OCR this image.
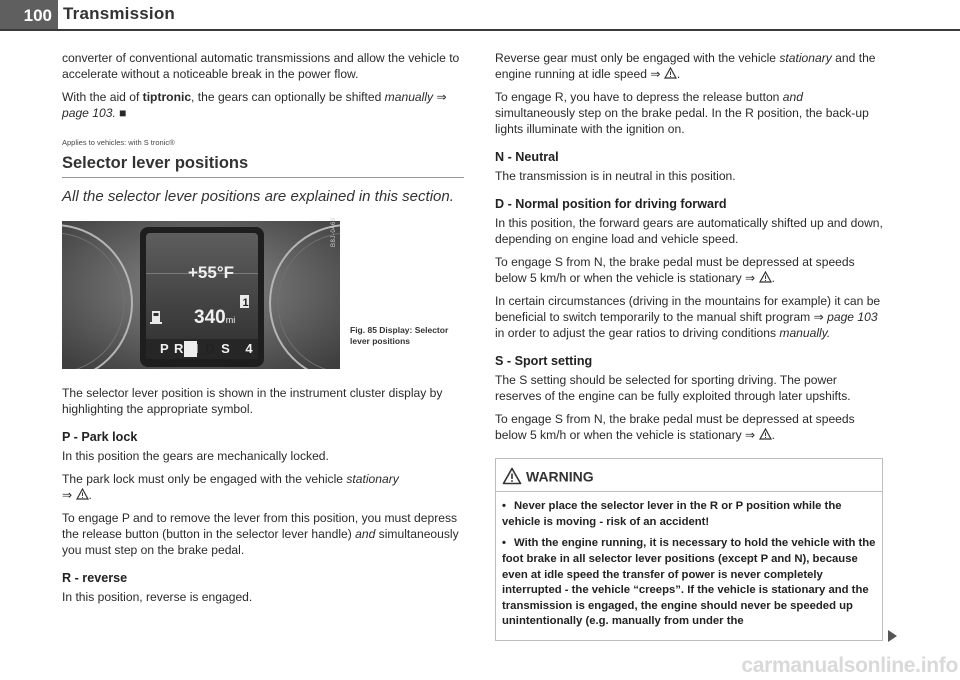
100 Transmission

converter of conventional automatic transmissions and allow the vehicle to accelerate without a noticeable break in the power flow.

With the aid of tiptronic, the gears can optionally be shifted manually ⇒ page 103. ■

Applies to vehicles: with S tronic®
Selector lever positions
All the selector lever positions are explained in this section.
+55°F
340mi
1
P R N D S 4
B8J-0469
Fig. 85 Display: Selector lever positions

The selector lever position is shown in the instrument cluster display by highlighting the appropriate symbol.

P - Park lock

In this position the gears are mechanically locked.

The park lock must only be engaged with the vehicle stationary
⇒ .

To engage P and to remove the lever from this position, you must depress the release button (button in the selector lever handle) and simultaneously you must step on the brake pedal.

R - reverse

In this position, reverse is engaged.

Reverse gear must only be engaged with the vehicle stationary and the engine running at idle speed ⇒ .

To engage R, you have to depress the release button and simultaneously step on the brake pedal. In the R position, the back-up lights illuminate with the ignition on.

N - Neutral

The transmission is in neutral in this position.

D - Normal position for driving forward

In this position, the forward gears are automatically shifted up and down, depending on engine load and vehicle speed.

To engage S from N, the brake pedal must be depressed at speeds below 5 km/h or when the vehicle is stationary ⇒ .

In certain circumstances (driving in the mountains for example) it can be beneficial to switch temporarily to the manual shift program ⇒ page 103 in order to adjust the gear ratios to driving conditions manually.

S - Sport setting

The S setting should be selected for sporting driving. The power reserves of the engine can be fully exploited through later upshifts.

To engage S from N, the brake pedal must be depressed at speeds below 5 km/h or when the vehicle is stationary ⇒ .

WARNING
• Never place the selector lever in the R or P position while the vehicle is moving - risk of an accident!
• With the engine running, it is necessary to hold the vehicle with the foot brake in all selector lever positions (except P and N), because even at idle speed the transfer of power is never completely interrupted - the vehicle “creeps”. If the vehicle is stationary and the transmission is engaged, the engine should never be speeded up unintentionally (e.g. manually from under the
carmanualsonline.info
